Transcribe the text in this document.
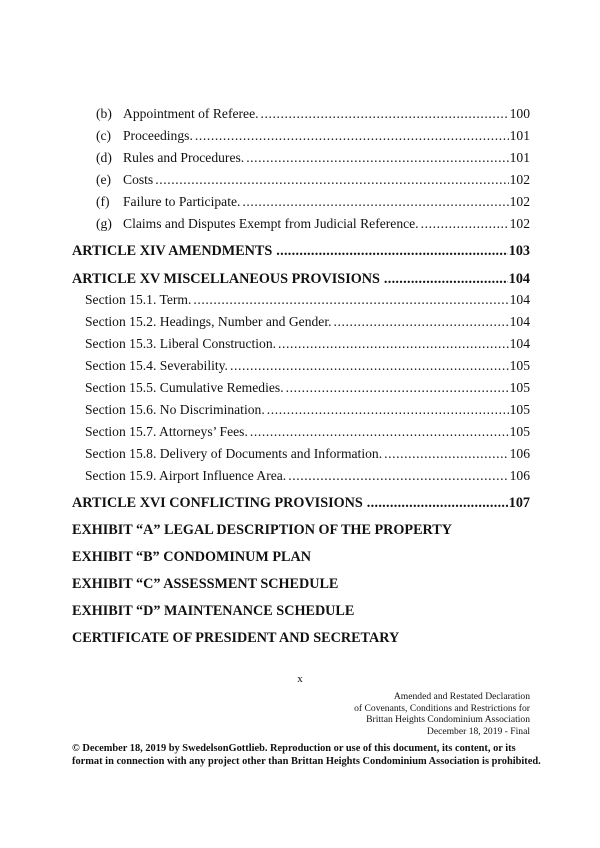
(b) Appointment of Referee. .....	100
(c) Proceedings. .....	101
(d) Rules and Procedures. .....	101
(e) Costs .....	102
(f) Failure to Participate. .....	102
(g) Claims and Disputes Exempt from Judicial Reference. .....	102
ARTICLE XIV AMENDMENTS .....	103
ARTICLE XV MISCELLANEOUS PROVISIONS .....	104
Section 15.1. Term. .....	104
Section 15.2. Headings, Number and Gender. .....	104
Section 15.3. Liberal Construction. .....	104
Section 15.4. Severability. .....	105
Section 15.5. Cumulative Remedies. .....	105
Section 15.6. No Discrimination. .....	105
Section 15.7. Attorneys’ Fees. .....	105
Section 15.8. Delivery of Documents and Information. .....	106
Section 15.9. Airport Influence Area. .....	106
ARTICLE XVI CONFLICTING PROVISIONS .....	107
EXHIBIT “A” LEGAL DESCRIPTION OF THE PROPERTY
EXHIBIT “B” CONDOMINUM PLAN
EXHIBIT “C” ASSESSMENT SCHEDULE
EXHIBIT “D” MAINTENANCE SCHEDULE
CERTIFICATE OF PRESIDENT AND SECRETARY
x
Amended and Restated Declaration
of Covenants, Conditions and Restrictions for
Brittan Heights Condominium Association
December 18, 2019 - Final
© December 18, 2019 by SwedelsonGottlieb. Reproduction or use of this document, its content, or its format in connection with any project other than Brittan Heights Condominium Association is prohibited.
